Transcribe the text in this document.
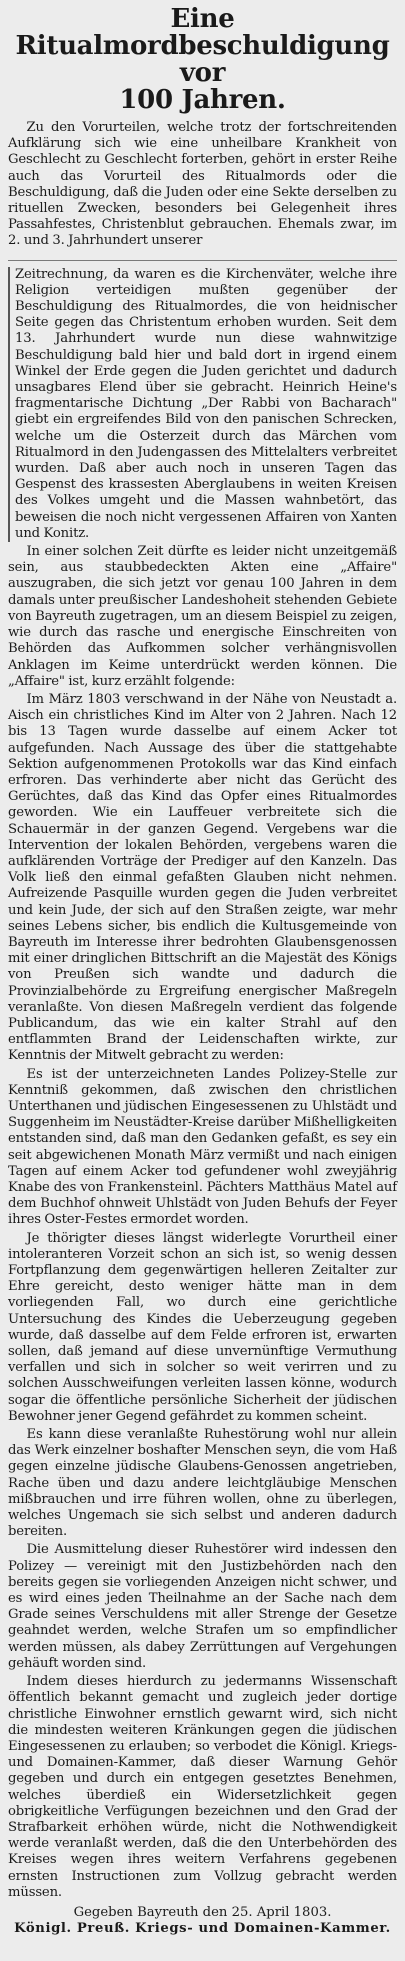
Eine Ritualmordbeschuldigung vor
100 Jahren.

Zu den Vorurteilen, welche trotz der fortschreitenden Aufklärung sich wie eine unheilbare Krankheit von Geschlecht zu Geschlecht forterben, gehört in erster Reihe auch das Vorurteil des Ritualmords oder die Beschuldigung, daß die Juden oder eine Sekte derselben zu rituellen Zwecken, besonders bei Gelegenheit ihres Passahfestes, Christenblut gebrauchen. Ehemals zwar, im 2. und 3. Jahrhundert unserer

Zeitrechnung, da waren es die Kirchenväter, welche ihre Religion verteidigen mußten gegenüber der Beschuldigung des Ritualmordes, die von heidnischer Seite gegen das Christentum erhoben wurden. Seit dem 13. Jahrhundert wurde nun diese wahnwitzige Beschuldigung bald hier und bald dort in irgend einem Winkel der Erde gegen die Juden gerichtet und dadurch unsagbares Elend über sie gebracht. Heinrich Heine's fragmentarische Dichtung „Der Rabbi von Bacharach" giebt ein ergreifendes Bild von den panischen Schrecken, welche um die Osterzeit durch das Märchen vom Ritualmord in den Judengassen des Mittelalters verbreitet wurden. Daß aber auch noch in unseren Tagen das Gespenst des krassesten Aberglaubens in weiten Kreisen des Volkes umgeht und die Massen wahnbetört, das beweisen die noch nicht vergessenen Affairen von Xanten und Konitz.

In einer solchen Zeit dürfte es leider nicht unzeitgemäß sein, aus staubbedeckten Akten eine „Affaire" auszugraben, die sich jetzt vor genau 100 Jahren in dem damals unter preußischer Landeshoheit stehenden Gebiete von Bayreuth zugetragen, um an diesem Beispiel zu zeigen, wie durch das rasche und energische Einschreiten von Behörden das Aufkommen solcher verhängnisvollen Anklagen im Keime unterdrückt werden können. Die „Affaire" ist, kurz erzählt folgende:

Im März 1803 verschwand in der Nähe von Neustadt a. Aisch ein christliches Kind im Alter von 2 Jahren. Nach 12 bis 13 Tagen wurde dasselbe auf einem Acker tot aufgefunden. Nach Aussage des über die stattgehabte Sektion aufgenommenen Protokolls war das Kind einfach erfroren. Das verhinderte aber nicht das Gerücht des Gerüchtes, daß das Kind das Opfer eines Ritualmordes geworden. Wie ein Lauffeuer verbreitete sich die Schauermär in der ganzen Gegend. Vergebens war die Intervention der lokalen Behörden, vergebens waren die aufklärenden Vorträge der Prediger auf den Kanzeln. Das Volk ließ den einmal gefaßten Glauben nicht nehmen. Aufreizende Pasquille wurden gegen die Juden verbreitet und kein Jude, der sich auf den Straßen zeigte, war mehr seines Lebens sicher, bis endlich die Kultusgemeinde von Bayreuth im Interesse ihrer bedrohten Glaubensgenossen mit einer dringlichen Bittschrift an die Majestät des Königs von Preußen sich wandte und dadurch die Provinzialbehörde zu Ergreifung energischer Maßregeln veranlaßte. Von diesen Maßregeln verdient das folgende Publicandum, das wie ein kalter Strahl auf den entflammten Brand der Leidenschaften wirkte, zur Kenntnis der Mitwelt gebracht zu werden:

Es ist der unterzeichneten Landes Polizey-Stelle zur Kenntniß gekommen, daß zwischen den christlichen Unterthanen und jüdischen Eingesessenen zu Uhlstädt und Suggenheim im Neustädter-Kreise darüber Mißhelligkeiten entstanden sind, daß man den Gedanken gefaßt, es sey ein seit abgewichenen Monath März vermißt und nach einigen Tagen auf einem Acker tod gefundener wohl zweyjährig Knabe des von Frankensteinl. Pächters Matthäus Matel auf dem Buchhof ohnweit Uhlstädt von Juden Behufs der Feyer ihres Oster-Festes ermordet worden.

Je thörigter dieses längst widerlegte Vorurtheil einer intoleranteren Vorzeit schon an sich ist, so wenig dessen Fortpflanzung dem gegenwärtigen helleren Zeitalter zur Ehre gereicht, desto weniger hätte man in dem vorliegenden Fall, wo durch eine gerichtliche Untersuchung des Kindes die Ueberzeugung gegeben wurde, daß dasselbe auf dem Felde erfroren ist, erwarten sollen, daß jemand auf diese unvernünftige Vermuthung verfallen und sich in solcher so weit verirren und zu solchen Ausschweifungen verleiten lassen könne, wodurch sogar die öffentliche persönliche Sicherheit der jüdischen Bewohner jener Gegend gefährdet zu kommen scheint.

Es kann diese veranlaßte Ruhestörung wohl nur allein das Werk einzelner boshafter Menschen seyn, die vom Haß gegen einzelne jüdische Glaubens-Genossen angetrieben, Rache üben und dazu andere leichtgläubige Menschen mißbrauchen und irre führen wollen, ohne zu überlegen, welches Ungemach sie sich selbst und anderen dadurch bereiten.

Die Ausmittelung dieser Ruhestörer wird indessen den Polizey — vereinigt mit den Justizbehörden nach den bereits gegen sie vorliegenden Anzeigen nicht schwer, und es wird eines jeden Theilnahme an der Sache nach dem Grade seines Verschuldens mit aller Strenge der Gesetze geahndet werden, welche Strafen um so empfindlicher werden müssen, als dabey Zerrüttungen auf Vergehungen gehäuft worden sind.

Indem dieses hierdurch zu jedermanns Wissenschaft öffentlich bekannt gemacht und zugleich jeder dortige christliche Einwohner ernstlich gewarnt wird, sich nicht die mindesten weiteren Kränkungen gegen die jüdischen Eingesessenen zu erlauben; so verbodet die Königl. Kriegs- und Domainen-Kammer, daß dieser Warnung Gehör gegeben und durch ein entgegen gesetztes Benehmen, welches überdieß ein Widersetzlichkeit gegen obrigkeitliche Verfügungen bezeichnen und den Grad der Strafbarkeit erhöhen würde, nicht die Nothwendigkeit werde veranlaßt werden, daß die den Unterbehörden des Kreises wegen ihres weitern Verfahrens gegebenen ernsten Instructionen zum Vollzug gebracht werden müssen.

Gegeben Bayreuth den 25. April 1803.
Königl. Preuß. Kriegs- und Domainen-Kammer.
